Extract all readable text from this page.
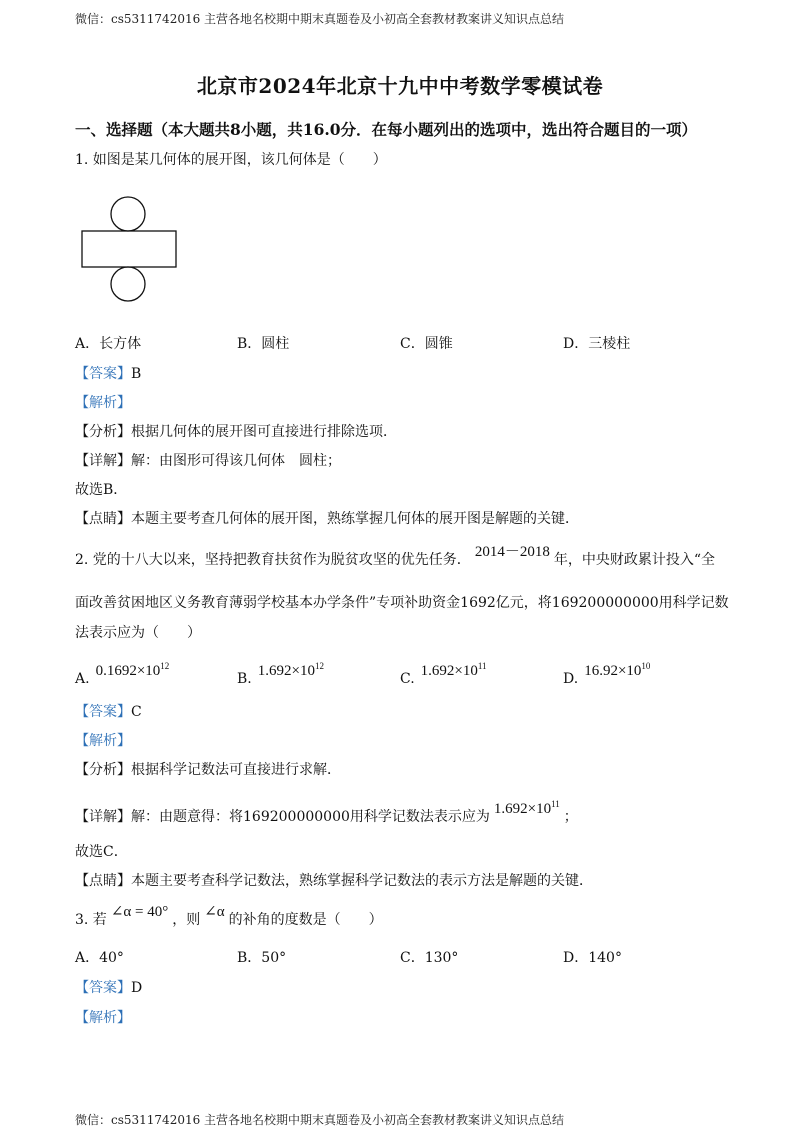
微信：cs5311742016 主营各地名校期中期末真题卷及小初高全套教材教案讲义知识点总结
北京市2024年北京十九中中考数学零模试卷
一、选择题（本大题共8小题，共16.0分．在每小题列出的选项中，选出符合题目的一项）
1. 如图是某几何体的展开图，该几何体是（　　）
A．长方体	B．圆柱	C．圆锥	D．三棱柱
【答案】B
【解析】
【分析】根据几何体的展开图可直接进行排除选项．
【详解】解：由图形可得该几何体　圆柱；
故选B．
【点睛】本题主要考查几何体的展开图，熟练掌握几何体的展开图是解题的关键．
2. 党的十八大以来，坚持把教育扶贫作为脱贫攻坚的优先任务． 2014－2018 年，中央财政累计投入“全
面改善贫困地区义务教育薄弱学校基本办学条件”专项补助资金1692亿元，将169200000000用科学记数
法表示应为（　　）
A. $0.1692\times 10^{12}$
B. $1.692\times 10^{12}$
C. $1.692\times 10^{11}$
D. $16.92\times 10^{10}$
【答案】C
【解析】
【分析】根据科学记数法可直接进行求解．
【详解】解：由题意得：将169200000000用科学记数法表示应为 $1.692\times 10^{11}$；
故选C．
【点睛】本题主要考查科学记数法，熟练掌握科学记数法的表示方法是解题的关键．
3. 若 ∠α = 40° ，则 ∠α 的补角的度数是（　　）
A．40°	B．50°	C．130°	D．140°
【答案】D
【解析】
微信：cs5311742016 主营各地名校期中期末真题卷及小初高全套教材教案讲义知识点总结
